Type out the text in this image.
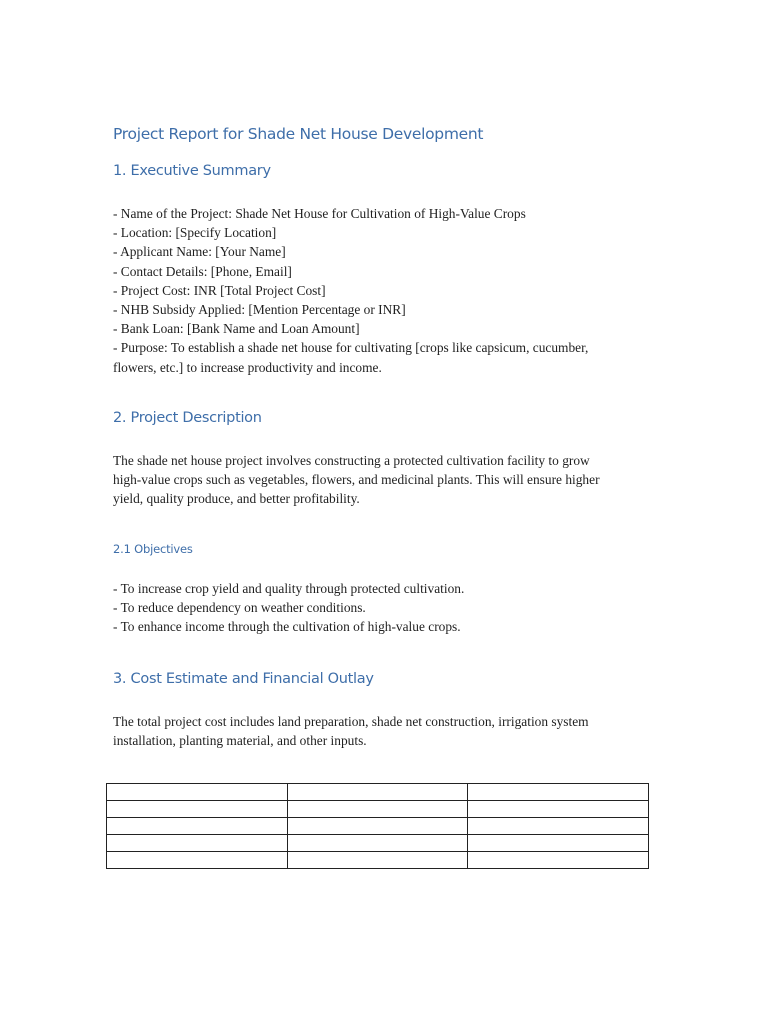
Project Report for Shade Net House Development
1. Executive Summary
- Name of the Project: Shade Net House for Cultivation of High-Value Crops
- Location: [Specify Location]
- Applicant Name: [Your Name]
- Contact Details: [Phone, Email]
- Project Cost: INR [Total Project Cost]
- NHB Subsidy Applied: [Mention Percentage or INR]
- Bank Loan: [Bank Name and Loan Amount]
- Purpose: To establish a shade net house for cultivating [crops like capsicum, cucumber,
flowers, etc.] to increase productivity and income.
2. Project Description
The shade net house project involves constructing a protected cultivation facility to grow
high-value crops such as vegetables, flowers, and medicinal plants. This will ensure higher
yield, quality produce, and better profitability.
2.1 Objectives
- To increase crop yield and quality through protected cultivation.
- To reduce dependency on weather conditions.
- To enhance income through the cultivation of high-value crops.
3. Cost Estimate and Financial Outlay
The total project cost includes land preparation, shade net construction, irrigation system
installation, planting material, and other inputs.
